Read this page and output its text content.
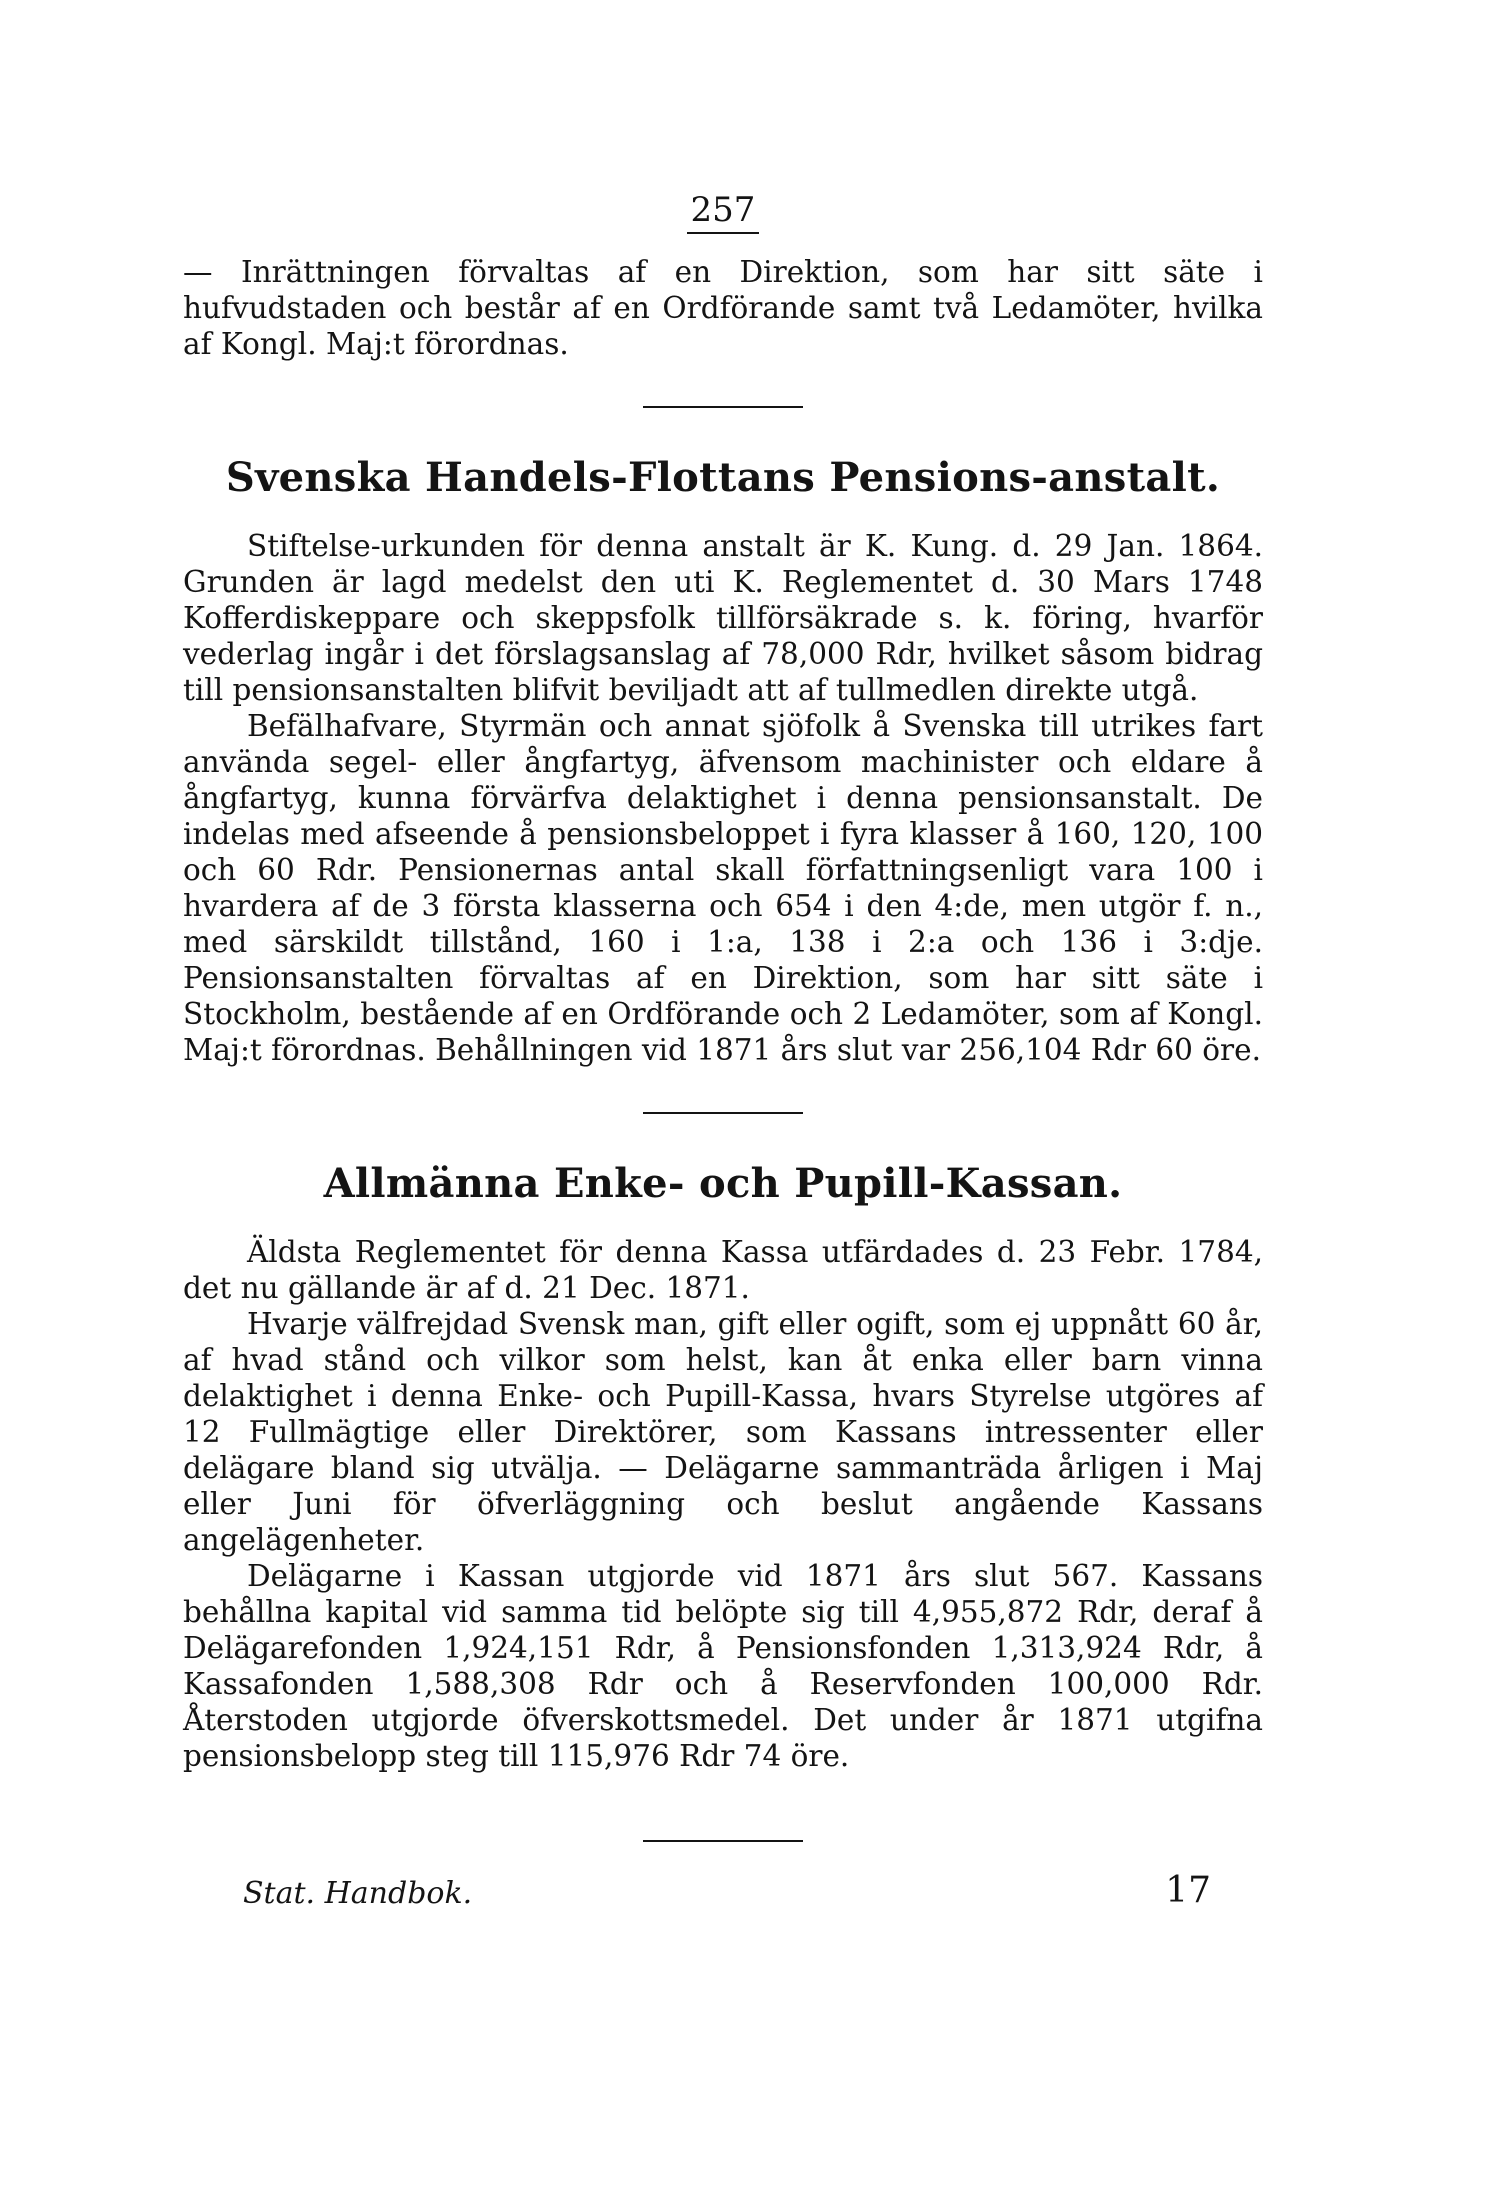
257

— Inrättningen förvaltas af en Direktion, som har sitt säte i hufvudstaden och består af en Ordförande samt två Ledamöter, hvilka af Kongl. Maj:t förordnas.

Svenska Handels-Flottans Pensions-anstalt.

Stiftelse-urkunden för denna anstalt är K. Kung. d. 29 Jan. 1864. Grunden är lagd medelst den uti K. Reglementet d. 30 Mars 1748 Kofferdiskeppare och skeppsfolk tillförsäkrade s. k. föring, hvarför vederlag ingår i det förslagsanslag af 78,000 Rdr, hvilket såsom bidrag till pensionsanstalten blifvit beviljadt att af tullmedlen direkte utgå.

Befälhafvare, Styrmän och annat sjöfolk å Svenska till utrikes fart använda segel- eller ångfartyg, äfvensom machinister och eldare å ångfartyg, kunna förvärfva delaktighet i denna pensionsanstalt. De indelas med afseende å pensionsbeloppet i fyra klasser å 160, 120, 100 och 60 Rdr. Pensionernas antal skall författningsenligt vara 100 i hvardera af de 3 första klasserna och 654 i den 4:de, men utgör f. n., med särskildt tillstånd, 160 i 1:a, 138 i 2:a och 136 i 3:dje. Pensionsanstalten förvaltas af en Direktion, som har sitt säte i Stockholm, bestående af en Ordförande och 2 Ledamöter, som af Kongl. Maj:t förordnas. Behållningen vid 1871 års slut var 256,104 Rdr 60 öre.

Allmänna Enke- och Pupill-Kassan.

Äldsta Reglementet för denna Kassa utfärdades d. 23 Febr. 1784, det nu gällande är af d. 21 Dec. 1871.

Hvarje välfrejdad Svensk man, gift eller ogift, som ej uppnått 60 år, af hvad stånd och vilkor som helst, kan åt enka eller barn vinna delaktighet i denna Enke- och Pupill-Kassa, hvars Styrelse utgöres af 12 Fullmägtige eller Direktörer, som Kassans intressenter eller delägare bland sig utvälja. — Delägarne sammanträda årligen i Maj eller Juni för öfverläggning och beslut angående Kassans angelägenheter.

Delägarne i Kassan utgjorde vid 1871 års slut 567. Kassans behållna kapital vid samma tid belöpte sig till 4,955,872 Rdr, deraf å Delägarefonden 1,924,151 Rdr, å Pensionsfonden 1,313,924 Rdr, å Kassafonden 1,588,308 Rdr och å Reservfonden 100,000 Rdr. Återstoden utgjorde öfverskottsmedel. Det under år 1871 utgifna pensionsbelopp steg till 115,976 Rdr 74 öre.

Stat. Handbok.	17
